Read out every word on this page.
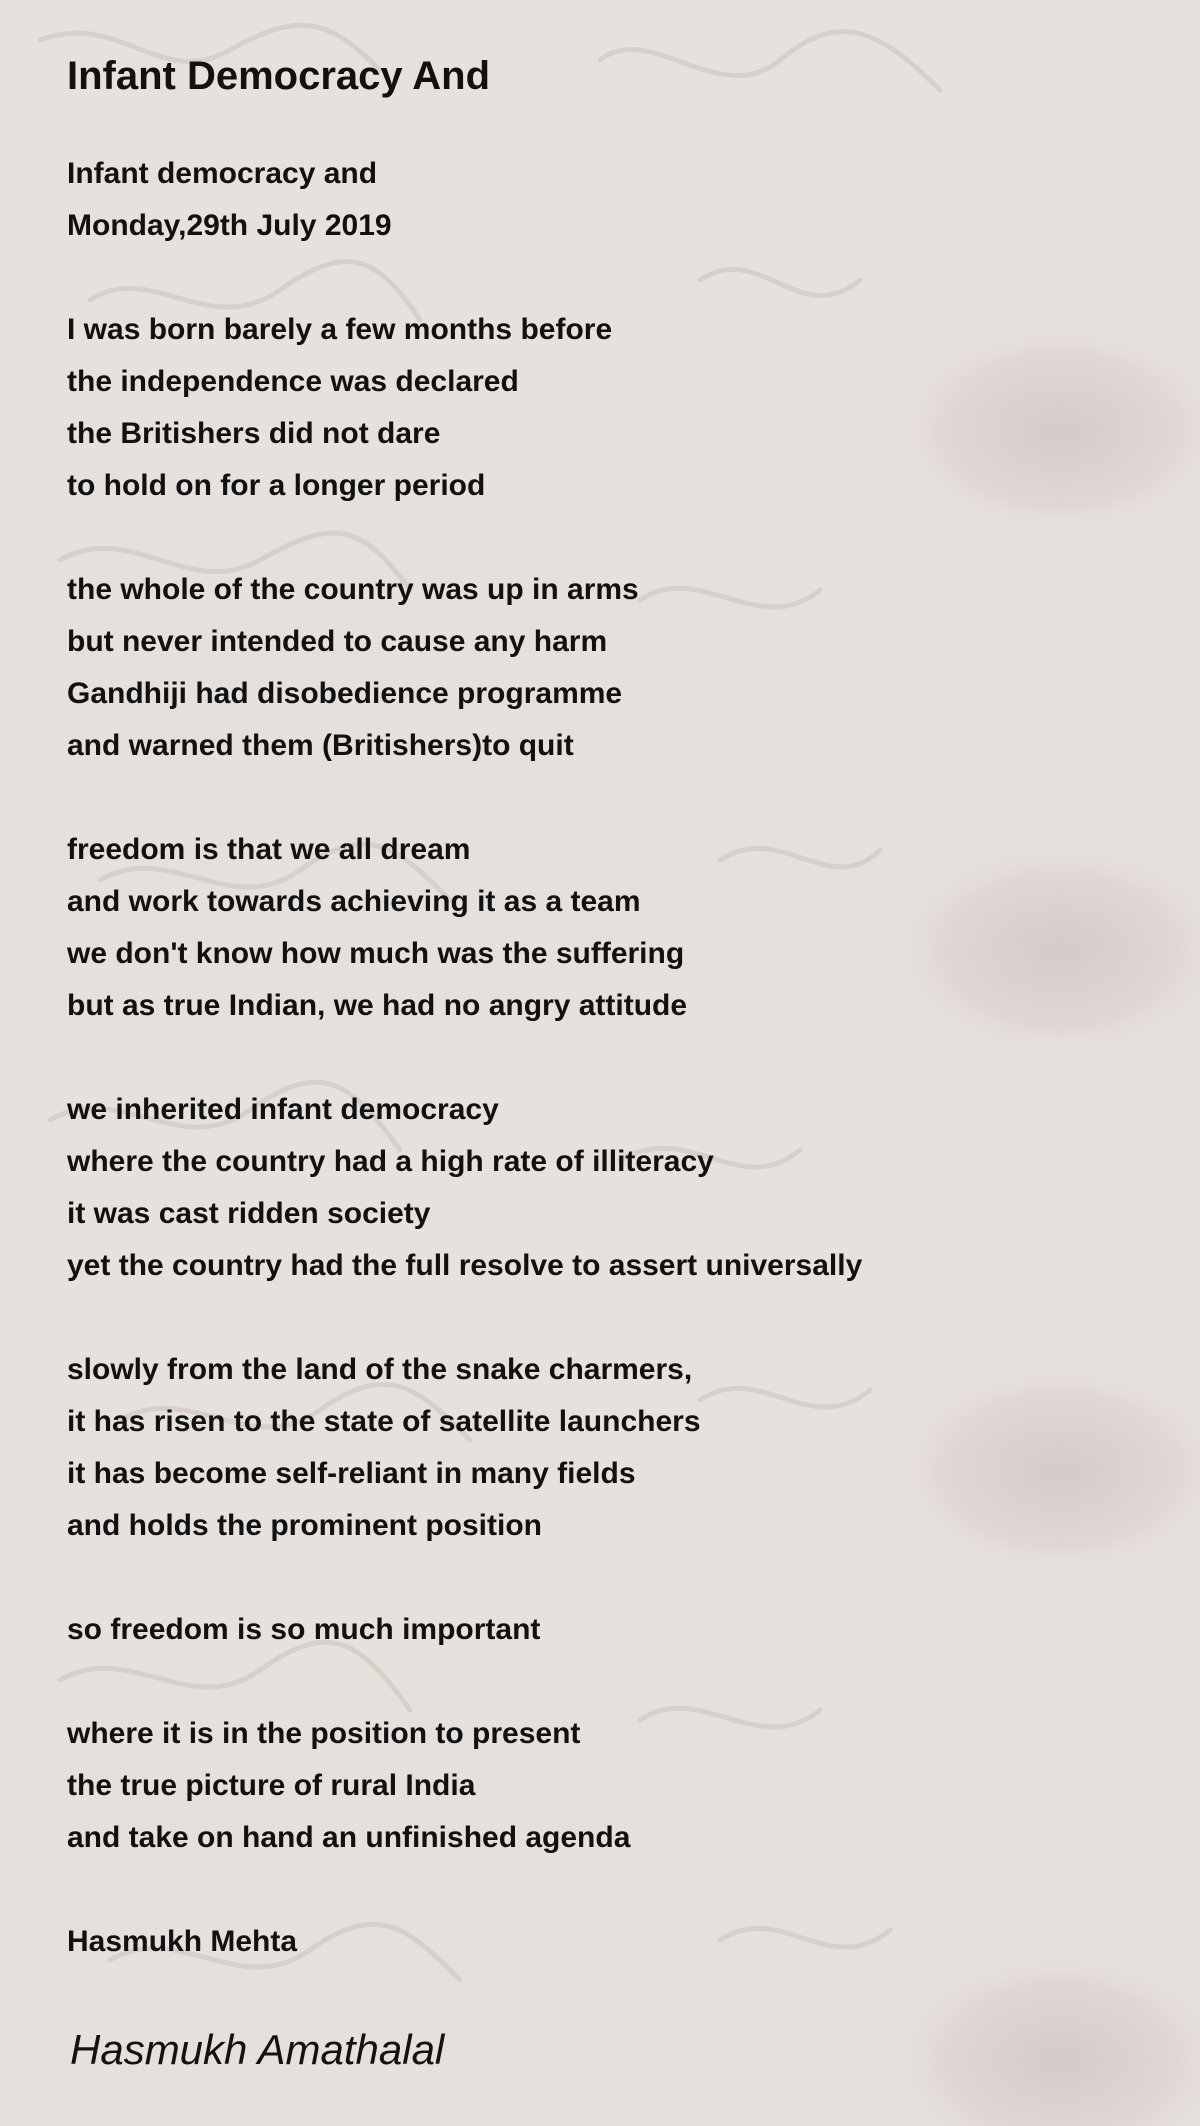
Infant Democracy And
Infant democracy and
Monday,29th July 2019
I was born barely a few months before
the independence was declared
the Britishers did not dare
to hold on for a longer period
the whole of the country was up in arms
but never intended to cause any harm
Gandhiji had disobedience programme
and warned them (Britishers)to quit
freedom is that we all dream
and work towards achieving it as a team
we don't know how much was the suffering
but as true Indian, we had no angry attitude
we inherited infant democracy
where the country had a high rate of illiteracy
it was cast ridden society
yet the country had the full resolve to assert universally
slowly from the land of the snake charmers,
it has risen to the state of satellite launchers
it has become self-reliant in many fields
and holds the prominent position
so freedom is so much important
where it is in the position to present
the true picture of rural India
and take on hand an unfinished agenda
Hasmukh Mehta
Hasmukh Amathalal
